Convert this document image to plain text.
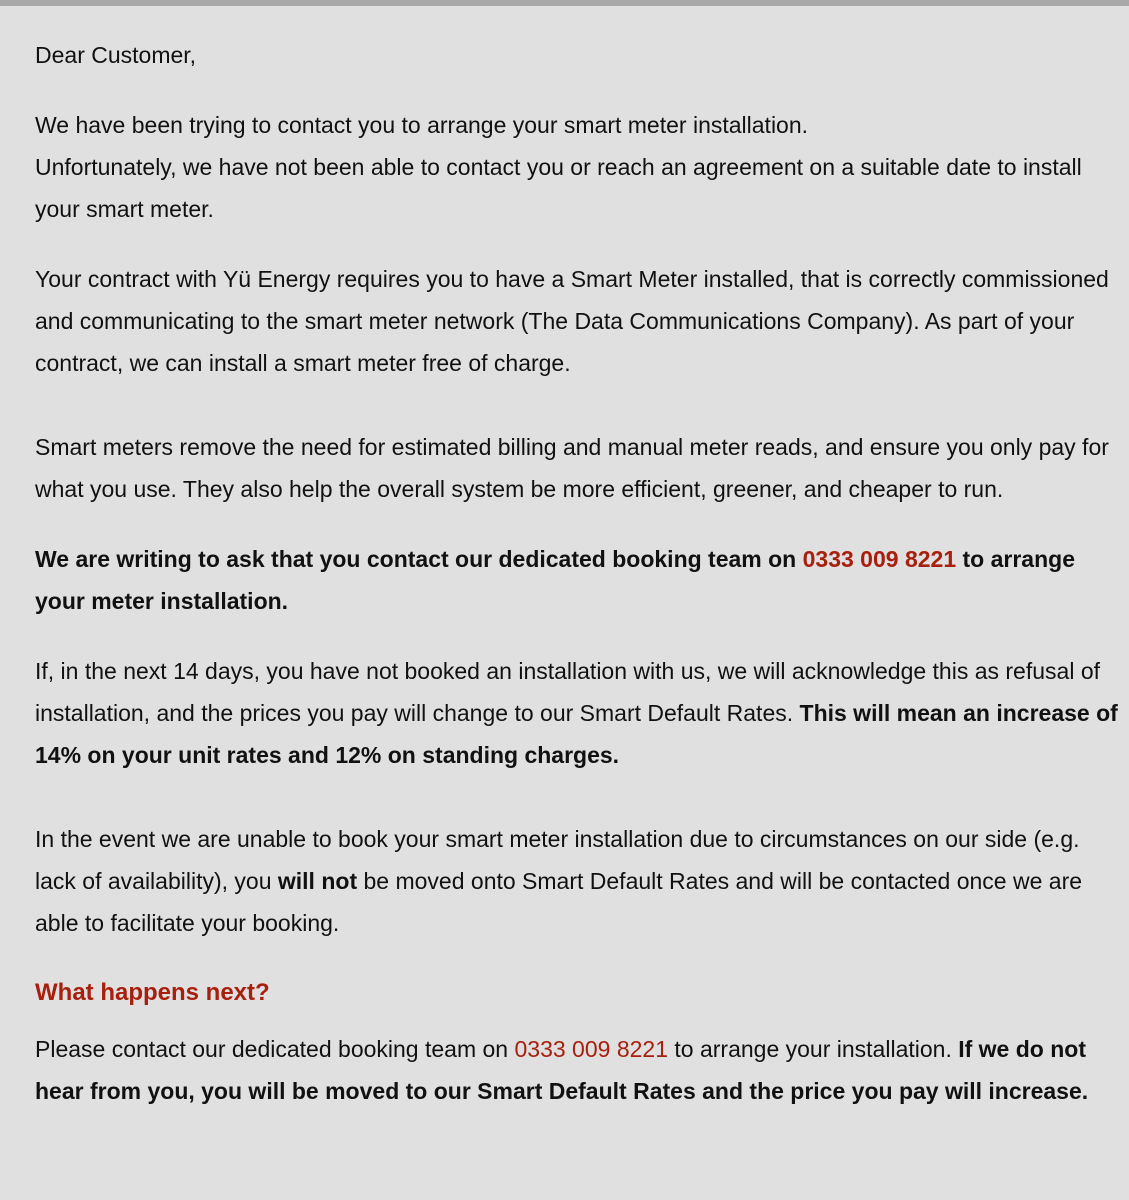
Dear Customer,

We have been trying to contact you to arrange your smart meter installation.
Unfortunately, we have not been able to contact you or reach an agreement on a suitable date to install your smart meter.

Your contract with Yü Energy requires you to have a Smart Meter installed, that is correctly commissioned and communicating to the smart meter network (The Data Communications Company). As part of your contract, we can install a smart meter free of charge.

Smart meters remove the need for estimated billing and manual meter reads, and ensure you only pay for what you use. They also help the overall system be more efficient, greener, and cheaper to run.

We are writing to ask that you contact our dedicated booking team on 0333 009 8221 to arrange your meter installation.

If, in the next 14 days, you have not booked an installation with us, we will acknowledge this as refusal of installation, and the prices you pay will change to our Smart Default Rates. This will mean an increase of 14% on your unit rates and 12% on standing charges.

In the event we are unable to book your smart meter installation due to circumstances on our side (e.g. lack of availability), you will not be moved onto Smart Default Rates and will be contacted once we are able to facilitate your booking.

What happens next?

Please contact our dedicated booking team on 0333 009 8221 to arrange your installation. If we do not hear from you, you will be moved to our Smart Default Rates and the price you pay will increase.
